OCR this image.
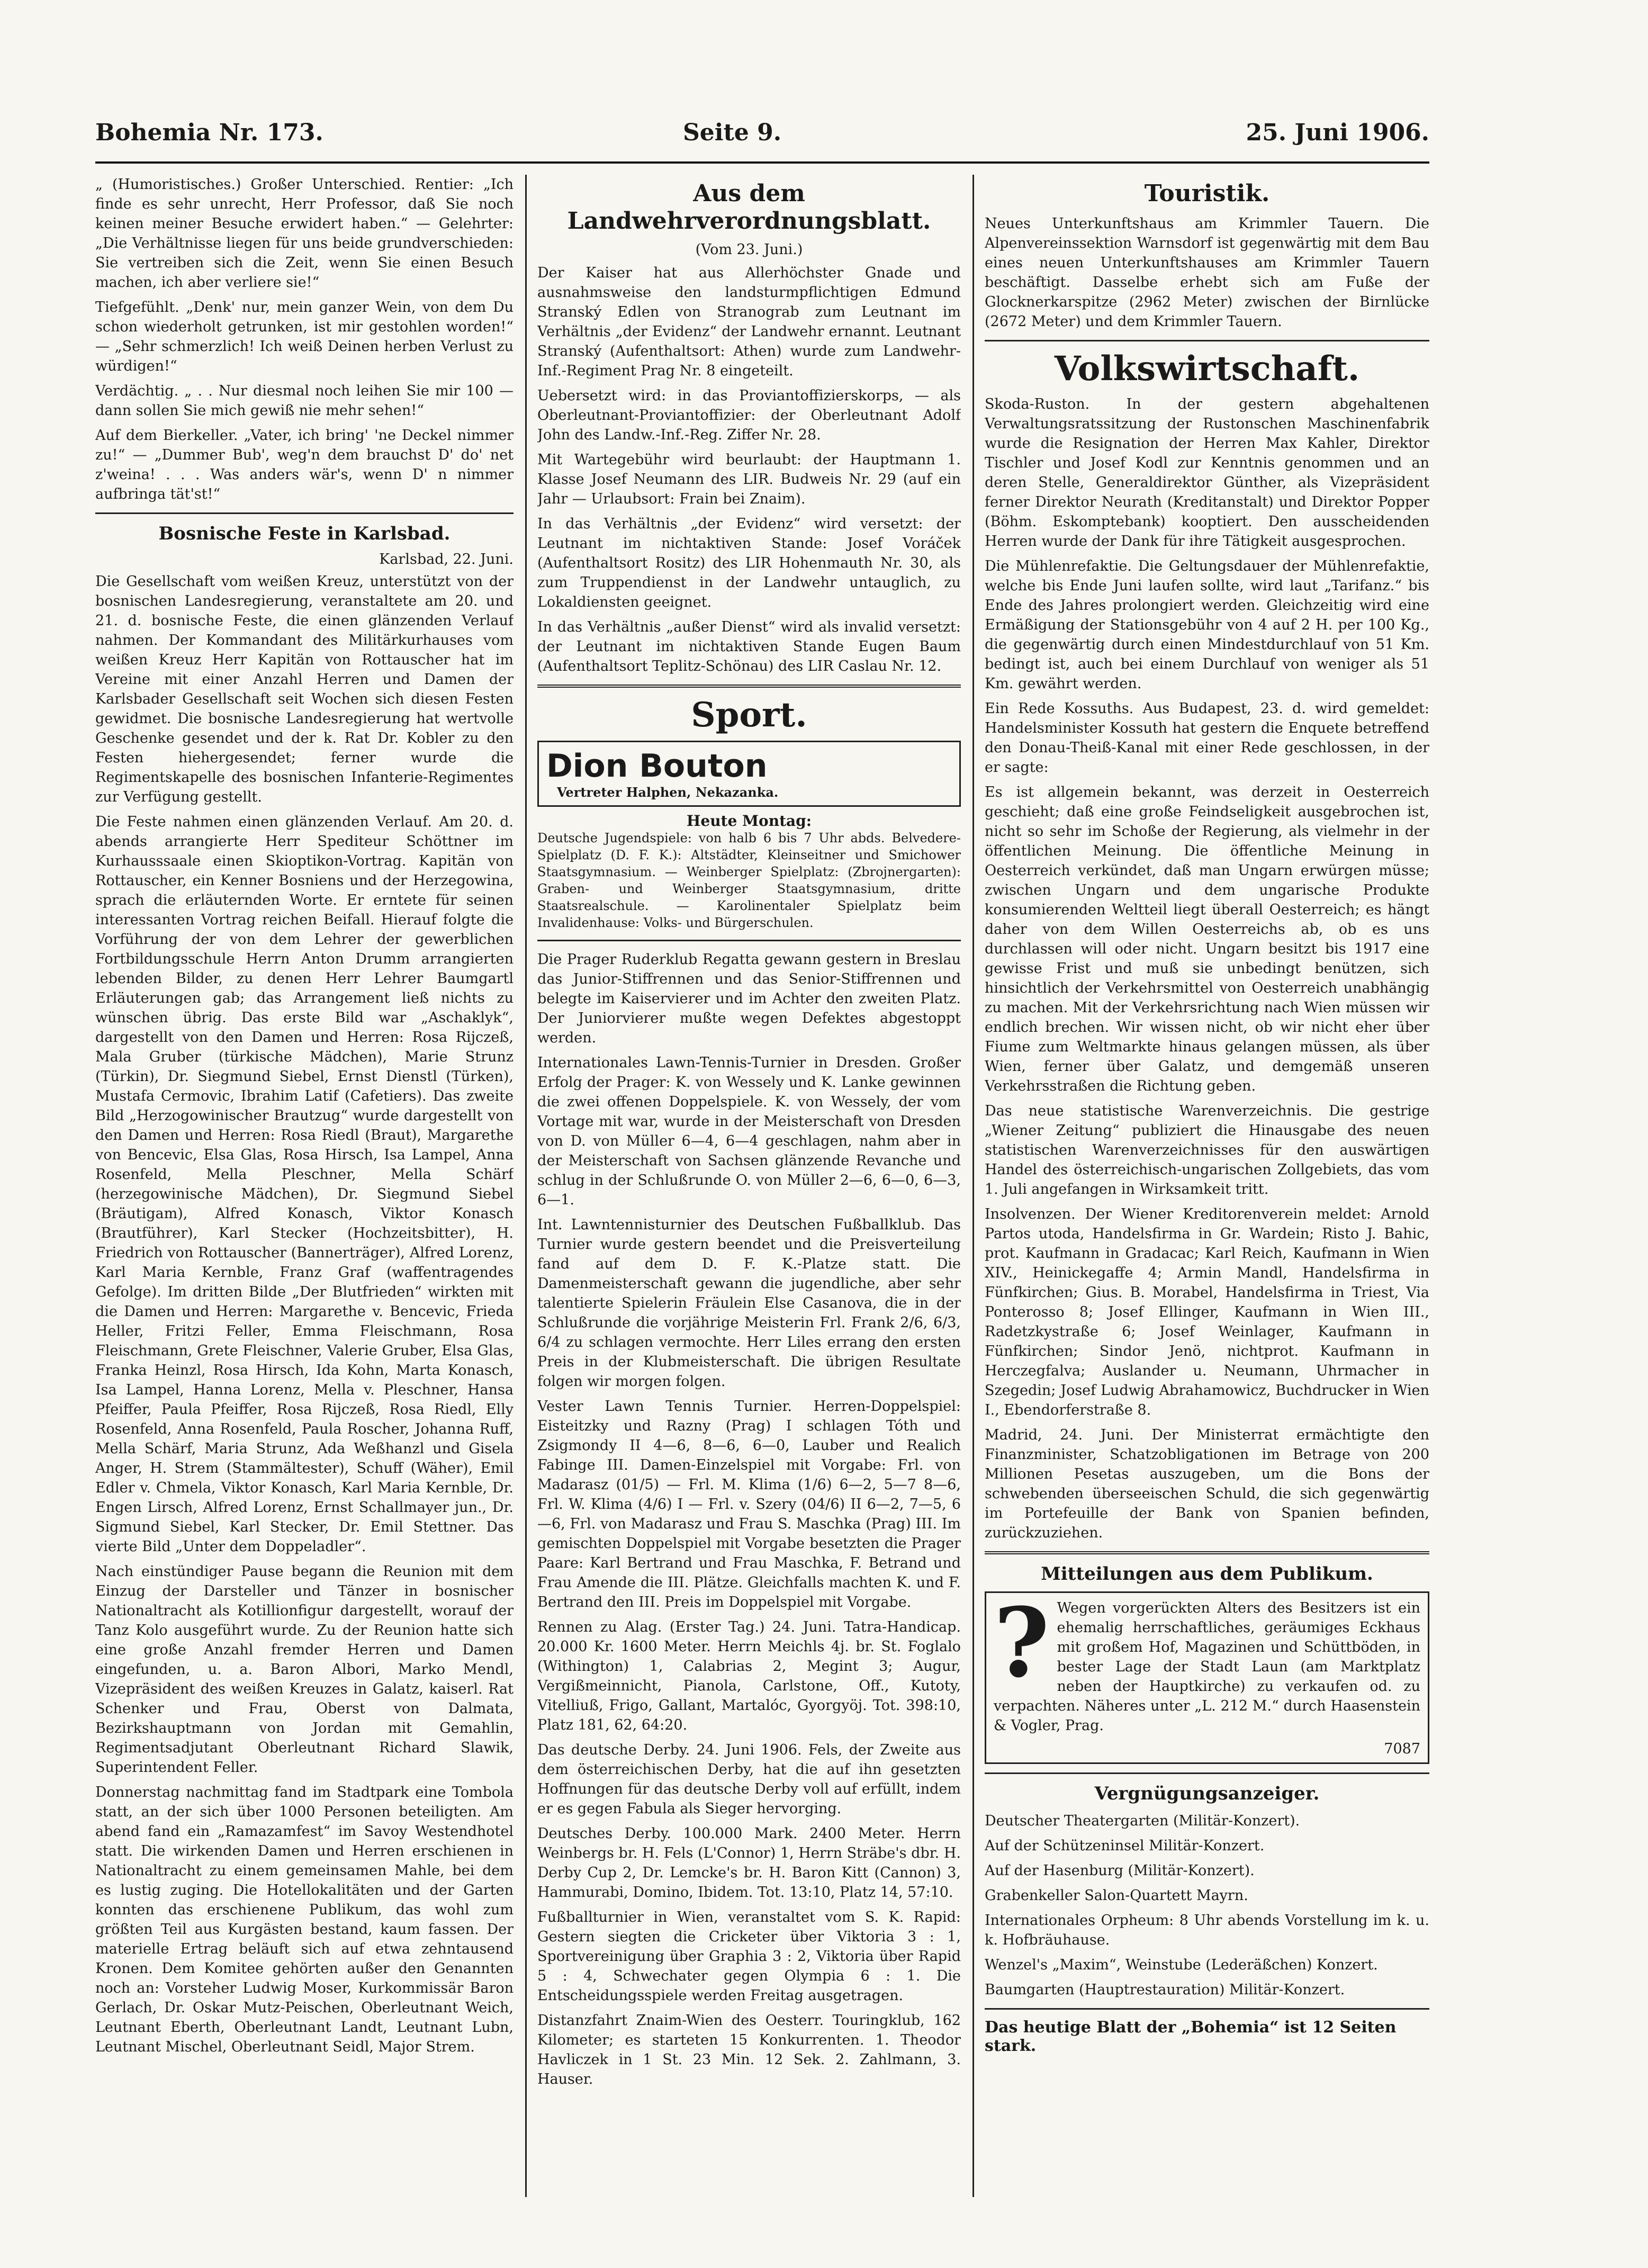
Bohemia Nr. 173.	Seite 9.	25. Juni 1906.

„ (Humoristisches.) Großer Unterschied. Rentier: „Ich finde es sehr unrecht, Herr Professor, daß Sie noch keinen meiner Besuche erwidert haben.“ — Gelehrter: „Die Verhältnisse liegen für uns beide grundverschieden: Sie vertreiben sich die Zeit, wenn Sie einen Besuch machen, ich aber verliere sie!“

Tiefgefühlt. „Denk' nur, mein ganzer Wein, von dem Du schon wiederholt getrunken, ist mir gestohlen worden!“ — „Sehr schmerzlich! Ich weiß Deinen herben Verlust zu würdigen!“

Verdächtig. „ . . Nur diesmal noch leihen Sie mir 100 — dann sollen Sie mich gewiß nie mehr sehen!“

Auf dem Bierkeller. „Vater, ich bring' 'ne Deckel nimmer zu!“ — „Dummer Bub', weg'n dem brauchst D' do' net z'weina! . . . Was anders wär's, wenn D' n nimmer aufbringa tät'st!“

Bosnische Feste in Karlsbad.
Karlsbad, 22. Juni.

Die Gesellschaft vom weißen Kreuz, unterstützt von der bosnischen Landesregierung, veranstaltete am 20. und 21. d. bosnische Feste, die einen glänzenden Verlauf nahmen. Der Kommandant des Militärkurhauses vom weißen Kreuz Herr Kapitän von Rottauscher hat im Vereine mit einer Anzahl Herren und Damen der Karlsbader Gesellschaft seit Wochen sich diesen Festen gewidmet. Die bosnische Landesregierung hat wertvolle Geschenke gesendet und der k. Rat Dr. Kobler zu den Festen hiehergesendet; ferner wurde die Regimentskapelle des bosnischen Infanterie-Regimentes zur Verfügung gestellt.

Die Feste nahmen einen glänzenden Verlauf. Am 20. d. abends arrangierte Herr Spediteur Schöttner im Kurhausssaale einen Skioptikon-Vortrag. Kapitän von Rottauscher, ein Kenner Bosniens und der Herzegowina, sprach die erläuternden Worte. Er erntete für seinen interessanten Vortrag reichen Beifall. Hierauf folgte die Vorführung der von dem Lehrer der gewerblichen Fortbildungsschule Herrn Anton Drumm arrangierten lebenden Bilder, zu denen Herr Lehrer Baumgartl Erläuterungen gab; das Arrangement ließ nichts zu wünschen übrig. Das erste Bild war „Aschaklyk“, dargestellt von den Damen und Herren: Rosa Rijczeß, Mala Gruber (türkische Mädchen), Marie Strunz (Türkin), Dr. Siegmund Siebel, Ernst Dienstl (Türken), Mustafa Cermovic, Ibrahim Latif (Cafetiers). Das zweite Bild „Herzogowinischer Brautzug“ wurde dargestellt von den Damen und Herren: Rosa Riedl (Braut), Margarethe von Bencevic, Elsa Glas, Rosa Hirsch, Isa Lampel, Anna Rosenfeld, Mella Pleschner, Mella Schärf (herzegowinische Mädchen), Dr. Siegmund Siebel (Bräutigam), Alfred Konasch, Viktor Konasch (Brautführer), Karl Stecker (Hochzeitsbitter), H. Friedrich von Rottauscher (Bannerträger), Alfred Lorenz, Karl Maria Kernble, Franz Graf (waffentragendes Gefolge). Im dritten Bilde „Der Blutfrieden“ wirkten mit die Damen und Herren: Margarethe v. Bencevic, Frieda Heller, Fritzi Feller, Emma Fleischmann, Rosa Fleischmann, Grete Fleischner, Valerie Gruber, Elsa Glas, Franka Heinzl, Rosa Hirsch, Ida Kohn, Marta Konasch, Isa Lampel, Hanna Lorenz, Mella v. Pleschner, Hansa Pfeiffer, Paula Pfeiffer, Rosa Rijczeß, Rosa Riedl, Elly Rosenfeld, Anna Rosenfeld, Paula Roscher, Johanna Ruff, Mella Schärf, Maria Strunz, Ada Weßhanzl und Gisela Anger, H. Strem (Stammältester), Schuff (Wäher), Emil Edler v. Chmela, Viktor Konasch, Karl Maria Kernble, Dr. Engen Lirsch, Alfred Lorenz, Ernst Schallmayer jun., Dr. Sigmund Siebel, Karl Stecker, Dr. Emil Stettner. Das vierte Bild „Unter dem Doppeladler“.

Nach einstündiger Pause begann die Reunion mit dem Einzug der Darsteller und Tänzer in bosnischer Nationaltracht als Kotillionfigur dargestellt, worauf der Tanz Kolo ausgeführt wurde. Zu der Reunion hatte sich eine große Anzahl fremder Herren und Damen eingefunden, u. a. Baron Albori, Marko Mendl, Vizepräsident des weißen Kreuzes in Galatz, kaiserl. Rat Schenker und Frau, Oberst von Dalmata, Bezirkshauptmann von Jordan mit Gemahlin, Regimentsadjutant Oberleutnant Richard Slawik, Superintendent Feller.

Donnerstag nachmittag fand im Stadtpark eine Tombola statt, an der sich über 1000 Personen beteiligten. Am abend fand ein „Ramazamfest“ im Savoy Westendhotel statt. Die wirkenden Damen und Herren erschienen in Nationaltracht zu einem gemeinsamen Mahle, bei dem es lustig zuging. Die Hotellokalitäten und der Garten konnten das erschienene Publikum, das wohl zum größten Teil aus Kurgästen bestand, kaum fassen. Der materielle Ertrag beläuft sich auf etwa zehntausend Kronen. Dem Komitee gehörten außer den Genannten noch an: Vorsteher Ludwig Moser, Kurkommissär Baron Gerlach, Dr. Oskar Mutz-Peischen, Oberleutnant Weich, Leutnant Eberth, Oberleutnant Landt, Leutnant Lubn, Leutnant Mischel, Oberleutnant Seidl, Major Strem.

Aus dem Landwehrverordnungsblatt.
(Vom 23. Juni.)

Der Kaiser hat aus Allerhöchster Gnade und ausnahmsweise den landsturmpflichtigen Edmund Stranský Edlen von Stranograb zum Leutnant im Verhältnis „der Evidenz“ der Landwehr ernannt. Leutnant Stranský (Aufenthaltsort: Athen) wurde zum Landwehr-Inf.-Regiment Prag Nr. 8 eingeteilt.

Uebersetzt wird: in das Proviantoffizierskorps, — als Oberleutnant-Proviantoffizier: der Oberleutnant Adolf John des Landw.-Inf.-Reg. Ziffer Nr. 28.

Mit Wartegebühr wird beurlaubt: der Hauptmann 1. Klasse Josef Neumann des LIR. Budweis Nr. 29 (auf ein Jahr — Urlaubsort: Frain bei Znaim).

In das Verhältnis „der Evidenz“ wird versetzt: der Leutnant im nichtaktiven Stande: Josef Voráček (Aufenthaltsort Rositz) des LIR Hohenmauth Nr. 30, als zum Truppendienst in der Landwehr untauglich, zu Lokaldiensten geeignet.

In das Verhältnis „außer Dienst“ wird als invalid versetzt: der Leutnant im nichtaktiven Stande Eugen Baum (Aufenthaltsort Teplitz-Schönau) des LIR Caslau Nr. 12.

Sport.
Dion Bouton Vertreter Halphen, Nekazanka.
Heute Montag:

Deutsche Jugendspiele: von halb 6 bis 7 Uhr abds. Belvedere-Spielplatz (D. F. K.): Altstädter, Kleinseitner und Smichower Staatsgymnasium. — Weinberger Spielplatz: (Zbrojnergarten): Graben- und Weinberger Staatsgymnasium, dritte Staatsrealschule. — Karolinentaler Spielplatz beim Invalidenhause: Volks- und Bürgerschulen.

Die Prager Ruderklub Regatta gewann gestern in Breslau das Junior-Stiffrennen und das Senior-Stiffrennen und belegte im Kaiservierer und im Achter den zweiten Platz. Der Juniorvierer mußte wegen Defektes abgestoppt werden.

Internationales Lawn-Tennis-Turnier in Dresden. Großer Erfolg der Prager: K. von Wessely und K. Lanke gewinnen die zwei offenen Doppelspiele. K. von Wessely, der vom Vortage mit war, wurde in der Meisterschaft von Dresden von D. von Müller 6—4, 6—4 geschlagen, nahm aber in der Meisterschaft von Sachsen glänzende Revanche und schlug in der Schlußrunde O. von Müller 2—6, 6—0, 6—3, 6—1.

Int. Lawntennisturnier des Deutschen Fußballklub. Das Turnier wurde gestern beendet und die Preisverteilung fand auf dem D. F. K.-Platze statt. Die Damenmeisterschaft gewann die jugendliche, aber sehr talentierte Spielerin Fräulein Else Casanova, die in der Schlußrunde die vorjährige Meisterin Frl. Frank 2/6, 6/3, 6/4 zu schlagen vermochte. Herr Liles errang den ersten Preis in der Klubmeisterschaft. Die übrigen Resultate folgen wir morgen folgen.

Vester Lawn Tennis Turnier. Herren-Doppelspiel: Eisteitzky und Razny (Prag) I schlagen Tóth und Zsigmondy II 4—6, 8—6, 6—0, Lauber und Realich Fabinge III. Damen-Einzelspiel mit Vorgabe: Frl. von Madarasz (01/5) — Frl. M. Klima (1/6) 6—2, 5—7 8—6, Frl. W. Klima (4/6) I — Frl. v. Szery (04/6) II 6—2, 7—5, 6—6, Frl. von Madarasz und Frau S. Maschka (Prag) III. Im gemischten Doppelspiel mit Vorgabe besetzten die Prager Paare: Karl Bertrand und Frau Maschka, F. Betrand und Frau Amende die III. Plätze. Gleichfalls machten K. und F. Bertrand den III. Preis im Doppelspiel mit Vorgabe.

Rennen zu Alag. (Erster Tag.) 24. Juni. Tatra-Handicap. 20.000 Kr. 1600 Meter. Herrn Meichls 4j. br. St. Foglalo (Withington) 1, Calabrias 2, Megint 3; Augur, Vergißmeinnicht, Pianola, Carlstone, Off., Kutoty, Vitelliuß, Frigo, Gallant, Martalóc, Gyorgyöj. Tot. 398:10, Platz 181, 62, 64:20.

Das deutsche Derby. 24. Juni 1906. Fels, der Zweite aus dem österreichischen Derby, hat die auf ihn gesetzten Hoffnungen für das deutsche Derby voll auf erfüllt, indem er es gegen Fabula als Sieger hervorging.

Deutsches Derby. 100.000 Mark. 2400 Meter. Herrn Weinbergs br. H. Fels (L'Connor) 1, Herrn Sträbe's dbr. H. Derby Cup 2, Dr. Lemcke's br. H. Baron Kitt (Cannon) 3, Hammurabi, Domino, Ibidem. Tot. 13:10, Platz 14, 57:10.

Fußballturnier in Wien, veranstaltet vom S. K. Rapid: Gestern siegten die Cricketer über Viktoria 3 : 1, Sportvereinigung über Graphia 3 : 2, Viktoria über Rapid 5 : 4, Schwechater gegen Olympia 6 : 1. Die Entscheidungsspiele werden Freitag ausgetragen.

Distanzfahrt Znaim-Wien des Oesterr. Touringklub, 162 Kilometer; es starteten 15 Konkurrenten. 1. Theodor Havliczek in 1 St. 23 Min. 12 Sek. 2. Zahlmann, 3. Hauser.

Touristik.

Neues Unterkunftshaus am Krimmler Tauern. Die Alpenvereinssektion Warnsdorf ist gegenwärtig mit dem Bau eines neuen Unterkunftshauses am Krimmler Tauern beschäftigt. Dasselbe erhebt sich am Fuße der Glocknerkarspitze (2962 Meter) zwischen der Birnlücke (2672 Meter) und dem Krimmler Tauern.

Volkswirtschaft.

Skoda-Ruston. In der gestern abgehaltenen Verwaltungsratssitzung der Rustonschen Maschinenfabrik wurde die Resignation der Herren Max Kahler, Direktor Tischler und Josef Kodl zur Kenntnis genommen und an deren Stelle, Generaldirektor Günther, als Vizepräsident ferner Direktor Neurath (Kreditanstalt) und Direktor Popper (Böhm. Eskomptebank) kooptiert. Den ausscheidenden Herren wurde der Dank für ihre Tätigkeit ausgesprochen.

Die Mühlenrefaktie. Die Geltungsdauer der Mühlenrefaktie, welche bis Ende Juni laufen sollte, wird laut „Tarifanz.“ bis Ende des Jahres prolongiert werden. Gleichzeitig wird eine Ermäßigung der Stationsgebühr von 4 auf 2 H. per 100 Kg., die gegenwärtig durch einen Mindestdurchlauf von 51 Km. bedingt ist, auch bei einem Durchlauf von weniger als 51 Km. gewährt werden.

Ein Rede Kossuths. Aus Budapest, 23. d. wird gemeldet: Handelsminister Kossuth hat gestern die Enquete betreffend den Donau-Theiß-Kanal mit einer Rede geschlossen, in der er sagte:

Es ist allgemein bekannt, was derzeit in Oesterreich geschieht; daß eine große Feindseligkeit ausgebrochen ist, nicht so sehr im Schoße der Regierung, als vielmehr in der öffentlichen Meinung. Die öffentliche Meinung in Oesterreich verkündet, daß man Ungarn erwürgen müsse; zwischen Ungarn und dem ungarische Produkte konsumierenden Weltteil liegt überall Oesterreich; es hängt daher von dem Willen Oesterreichs ab, ob es uns durchlassen will oder nicht. Ungarn besitzt bis 1917 eine gewisse Frist und muß sie unbedingt benützen, sich hinsichtlich der Verkehrsmittel von Oesterreich unabhängig zu machen. Mit der Verkehrsrichtung nach Wien müssen wir endlich brechen. Wir wissen nicht, ob wir nicht eher über Fiume zum Weltmarkte hinaus gelangen müssen, als über Wien, ferner über Galatz, und demgemäß unseren Verkehrsstraßen die Richtung geben.

Das neue statistische Warenverzeichnis. Die gestrige „Wiener Zeitung“ publiziert die Hinausgabe des neuen statistischen Warenverzeichnisses für den auswärtigen Handel des österreichisch-ungarischen Zollgebiets, das vom 1. Juli angefangen in Wirksamkeit tritt.

Insolvenzen. Der Wiener Kreditorenverein meldet: Arnold Partos utoda, Handelsfirma in Gr. Wardein; Risto J. Bahic, prot. Kaufmann in Gradacac; Karl Reich, Kaufmann in Wien XIV., Heinickegaffe 4; Armin Mandl, Handelsfirma in Fünfkirchen; Gius. B. Morabel, Handelsfirma in Triest, Via Ponterosso 8; Josef Ellinger, Kaufmann in Wien III., Radetzkystraße 6; Josef Weinlager, Kaufmann in Fünfkirchen; Sindor Jenö, nichtprot. Kaufmann in Herczegfalva; Auslander u. Neumann, Uhrmacher in Szegedin; Josef Ludwig Abrahamowicz, Buchdrucker in Wien I., Ebendorferstraße 8.

Madrid, 24. Juni. Der Ministerrat ermächtigte den Finanzminister, Schatzobligationen im Betrage von 200 Millionen Pesetas auszugeben, um die Bons der schwebenden überseeischen Schuld, die sich gegenwärtig im Portefeuille der Bank von Spanien befinden, zurückzuziehen.

Mitteilungen aus dem Publikum.
? Wegen vorgerückten Alters des Besitzers ist ein ehemalig herrschaftliches, geräumiges Eckhaus mit großem Hof, Magazinen und Schüttböden, in bester Lage der Stadt Laun (am Marktplatz neben der Hauptkirche) zu verkaufen od. zu verpachten. Näheres unter „L. 212 M.“ durch Haasenstein & Vogler, Prag.

7087
Vergnügungsanzeiger.

Deutscher Theatergarten (Militär-Konzert).

Auf der Schützeninsel Militär-Konzert.

Auf der Hasenburg (Militär-Konzert).

Grabenkeller Salon-Quartett Mayrn.

Internationales Orpheum: 8 Uhr abends Vorstellung im k. u. k. Hofbräuhause.

Wenzel's „Maxim“, Weinstube (Lederäßchen) Konzert.

Baumgarten (Hauptrestauration) Militär-Konzert.

Das heutige Blatt der „Bohemia“ ist 12 Seiten stark.
